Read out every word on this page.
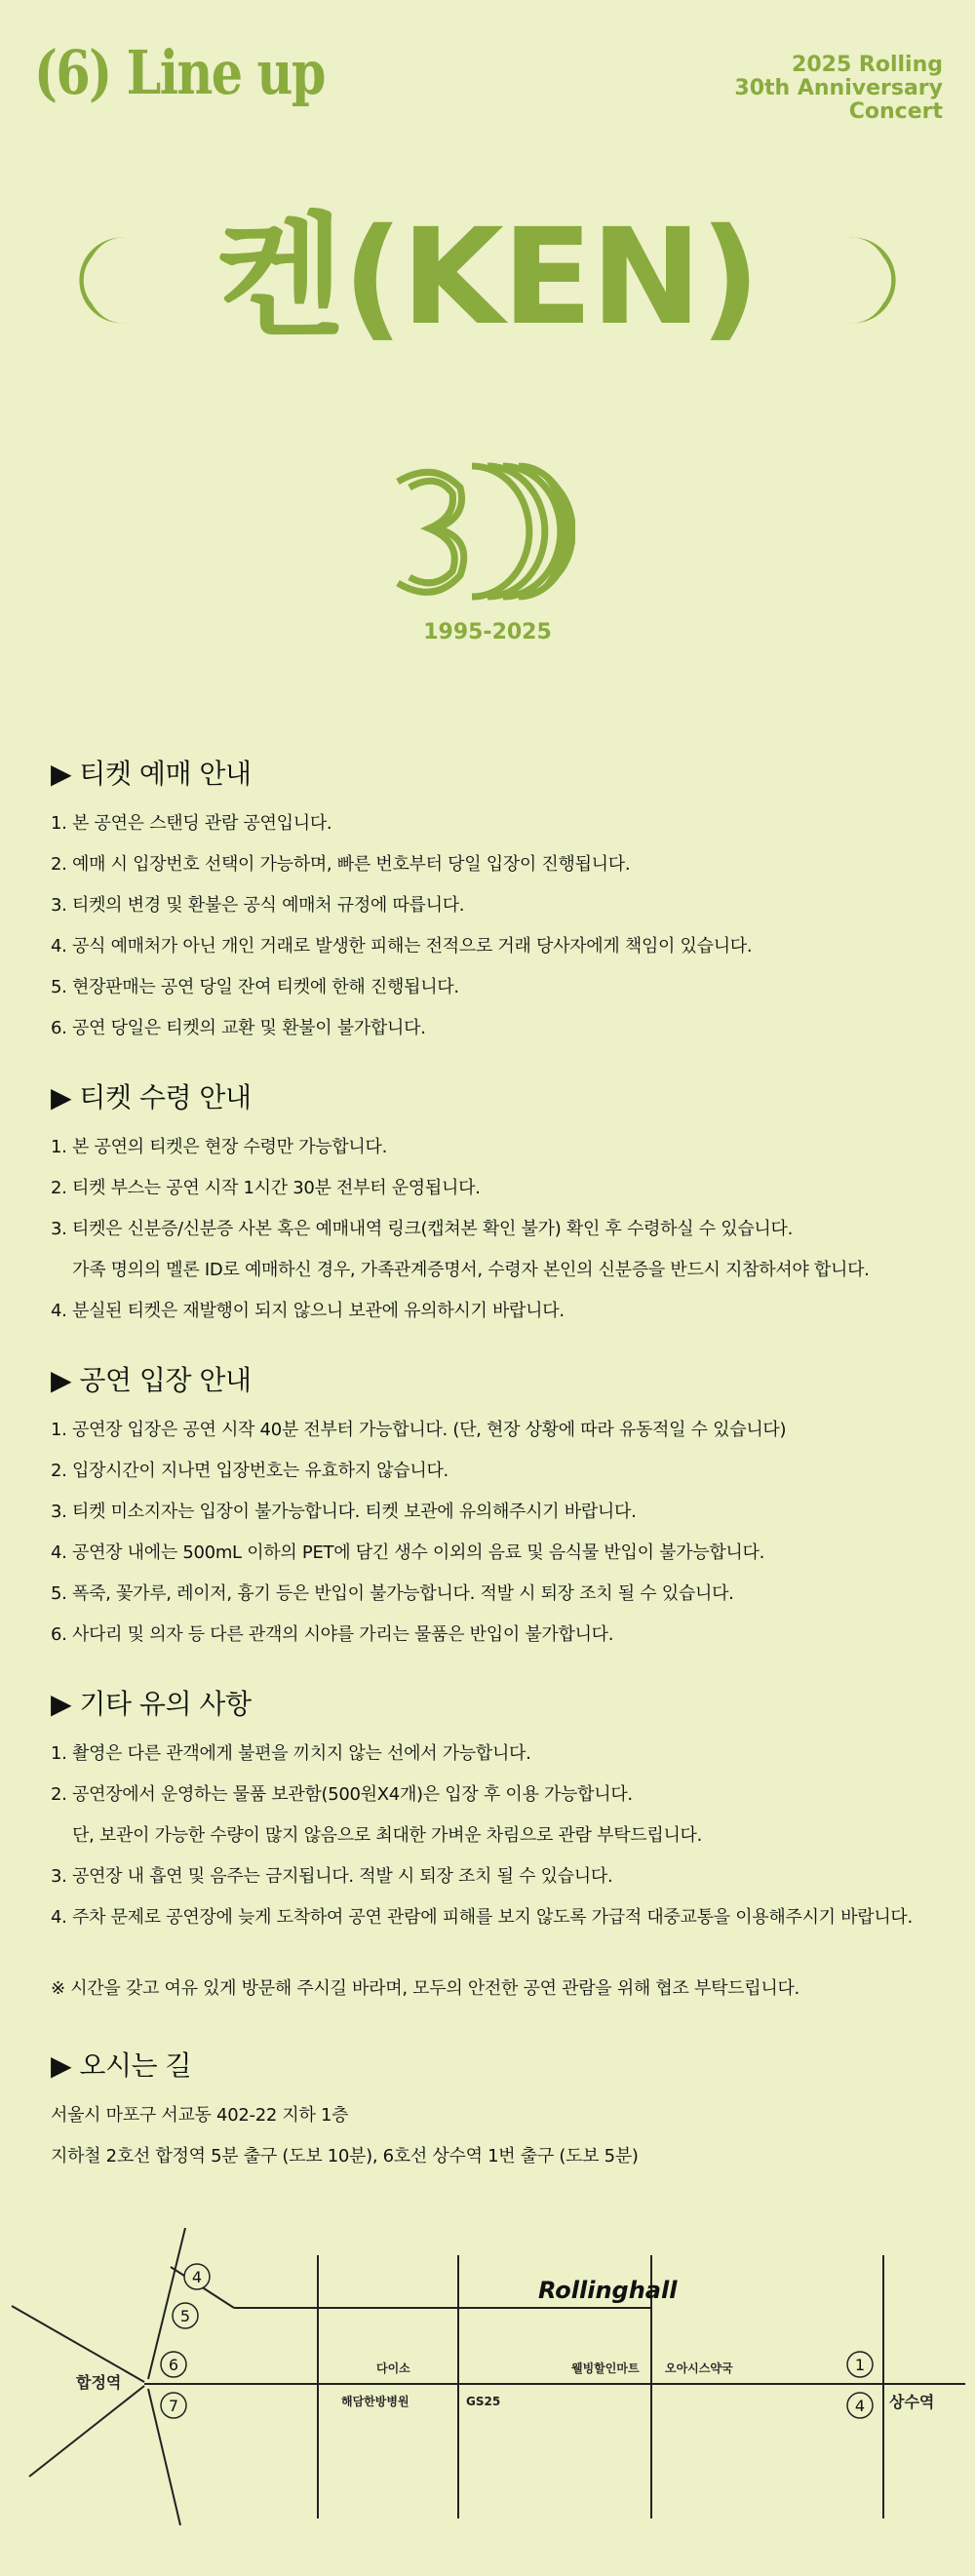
(6) Line up	2025 Rolling
30th Anniversary
Concert
켄(KEN)
1995-2025
▶ 티켓 예매 안내

1. 본 공연은 스탠딩 관람 공연입니다.

2. 예매 시 입장번호 선택이 가능하며, 빠른 번호부터 당일 입장이 진행됩니다.

3. 티켓의 변경 및 환불은 공식 예매처 규정에 따릅니다.

4. 공식 예매처가 아닌 개인 거래로 발생한 피해는 전적으로 거래 당사자에게 책임이 있습니다.

5. 현장판매는 공연 당일 잔여 티켓에 한해 진행됩니다.

6. 공연 당일은 티켓의 교환 및 환불이 불가합니다.

▶ 티켓 수령 안내

1. 본 공연의 티켓은 현장 수령만 가능합니다.

2. 티켓 부스는 공연 시작 1시간 30분 전부터 운영됩니다.

3. 티켓은 신분증/신분증 사본 혹은 예매내역 링크(캡쳐본 확인 불가) 확인 후 수령하실 수 있습니다.

가족 명의의 멜론 ID로 예매하신 경우, 가족관계증명서, 수령자 본인의 신분증을 반드시 지참하셔야 합니다.

4. 분실된 티켓은 재발행이 되지 않으니 보관에 유의하시기 바랍니다.

▶ 공연 입장 안내

1. 공연장 입장은 공연 시작 40분 전부터 가능합니다. (단, 현장 상황에 따라 유동적일 수 있습니다)

2. 입장시간이 지나면 입장번호는 유효하지 않습니다.

3. 티켓 미소지자는 입장이 불가능합니다. 티켓 보관에 유의해주시기 바랍니다.

4. 공연장 내에는 500mL 이하의 PET에 담긴 생수 이외의 음료 및 음식물 반입이 불가능합니다.

5. 폭죽, 꽃가루, 레이저, 흉기 등은 반입이 불가능합니다. 적발 시 퇴장 조치 될 수 있습니다.

6. 사다리 및 의자 등 다른 관객의 시야를 가리는 물품은 반입이 불가합니다.

▶ 기타 유의 사항

1. 촬영은 다른 관객에게 불편을 끼치지 않는 선에서 가능합니다.

2. 공연장에서 운영하는 물품 보관함(500원X4개)은 입장 후 이용 가능합니다.

단, 보관이 가능한 수량이 많지 않음으로 최대한 가벼운 차림으로 관람 부탁드립니다.

3. 공연장 내 흡연 및 음주는 금지됩니다. 적발 시 퇴장 조치 될 수 있습니다.

4. 주차 문제로 공연장에 늦게 도착하여 공연 관람에 피해를 보지 않도록 가급적 대중교통을 이용해주시기 바랍니다.

※ 시간을 갖고 여유 있게 방문해 주시길 바라며, 모두의 안전한 공연 관람을 위해 협조 부탁드립니다.
▶ 오시는 길

서울시 마포구 서교동 402-22 지하 1층

지하철 2호선 합정역 5분 출구 (도보 10분), 6호선 상수역 1번 출구 (도보 5분)

Rollinghall
합정역
상수역
다이소
해담한방병원	GS25
웰빙할인마트 오아시스약국
4
5
6
7
1
4
